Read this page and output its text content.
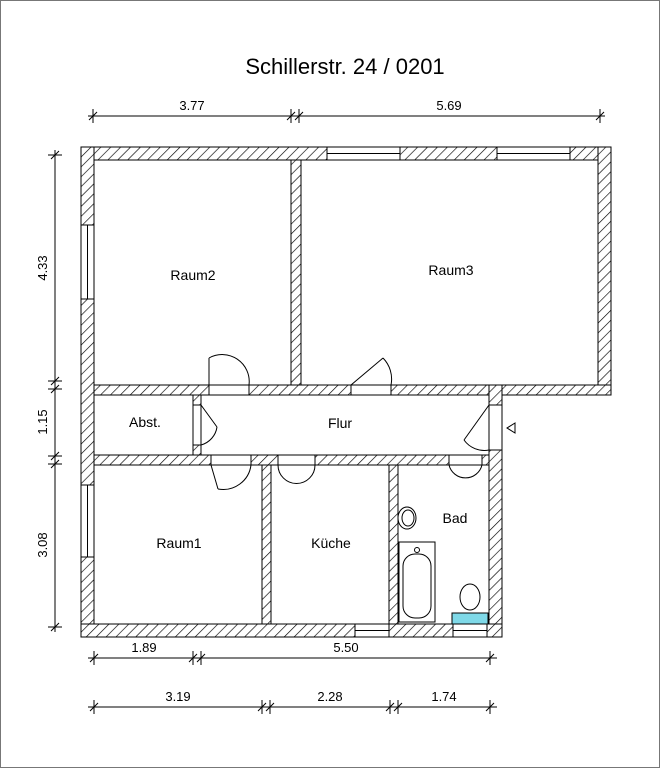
Schillerstr. 24 / 0201
Raum2	Raum3
Abst.	Flur
Raum1	Küche
Bad
3.77	5.69
4.33
1.15
3.08
1.89	5.50
3.19	2.28	1.74
